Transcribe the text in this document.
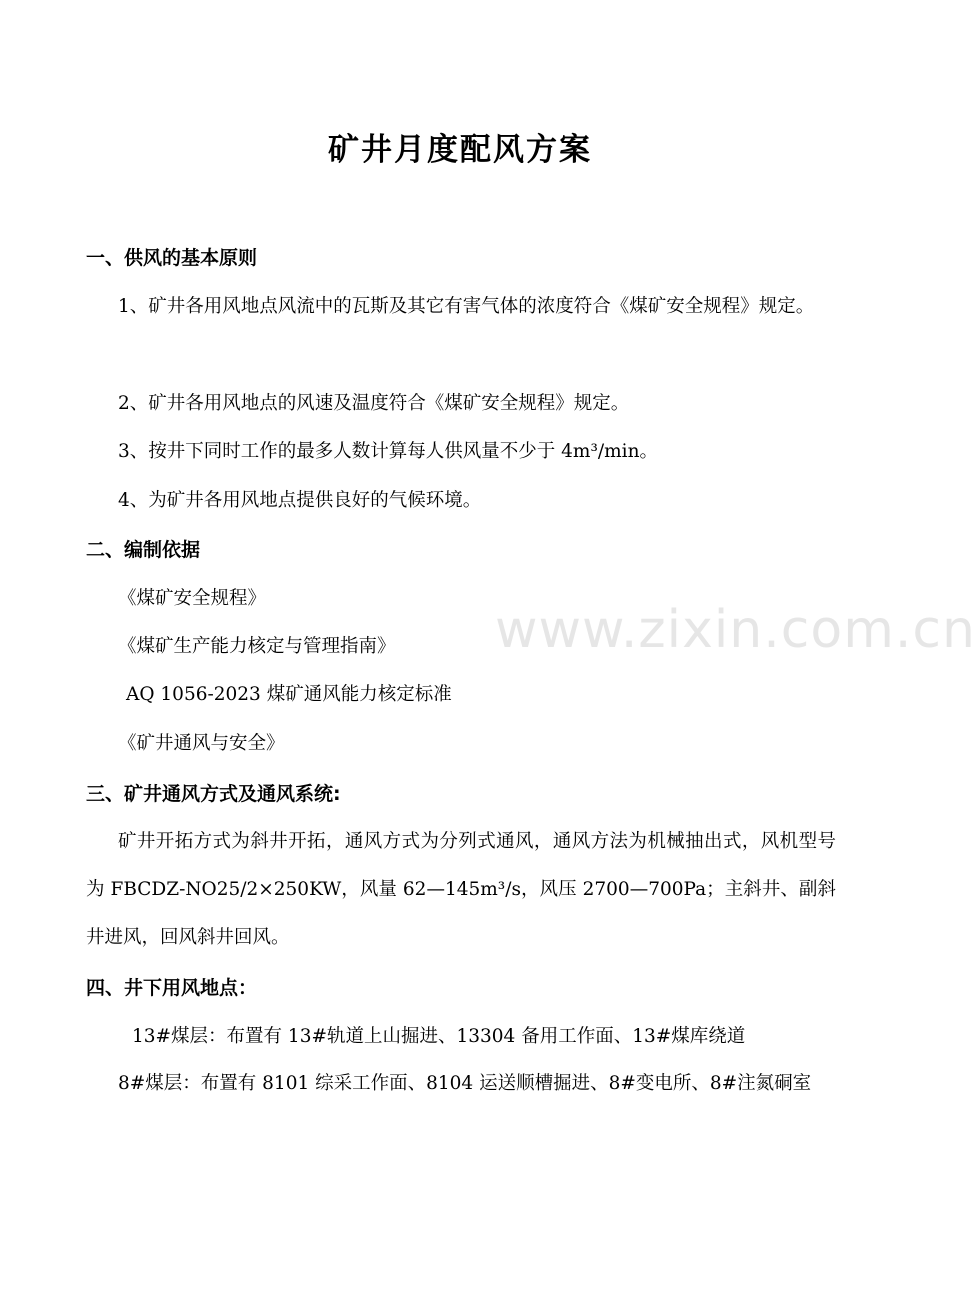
www.zixin.com.cn
矿井月度配风方案
一、供风的基本原则
1、矿井各用风地点风流中的瓦斯及其它有害气体的浓度符合《煤矿安全规程》规定。
2、矿井各用风地点的风速及温度符合《煤矿安全规程》规定。
3、按井下同时工作的最多人数计算每人供风量不少于 4m³/min。
4、为矿井各用风地点提供良好的气候环境。
二、编制依据
《煤矿安全规程》
《煤矿生产能力核定与管理指南》
AQ 1056-2023 煤矿通风能力核定标准
《矿井通风与安全》
三、矿井通风方式及通风系统:
矿井开拓方式为斜井开拓，通风方式为分列式通风，通风方法为机械抽出式，风机型号为 FBCDZ-NO25/2×250KW，风量 62—145m³/s，风压 2700—700Pa；主斜井、副斜井进风，回风斜井回风。
四、井下用风地点：
13#煤层：布置有 13#轨道上山掘进、13304 备用工作面、13#煤库绕道
8#煤层：布置有 8101 综采工作面、8104 运送顺槽掘进、8#变电所、8#注氮硐室
